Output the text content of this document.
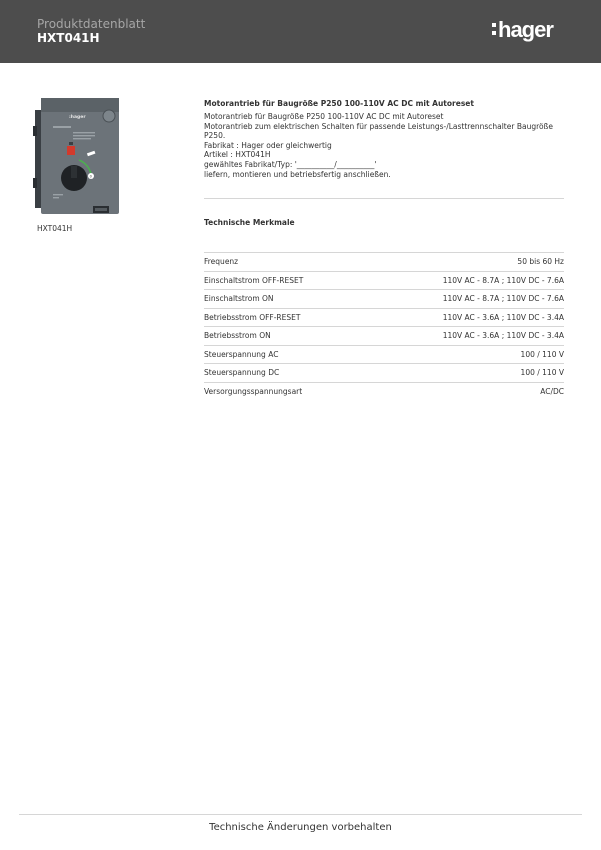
Produktdatenblatt
HXT041H	hager
:hager
0
HXT041H
Motorantrieb für Baugröße P250 100-110V AC DC mit Autoreset
Motorantrieb für Baugröße P250 100-110V AC DC mit Autoreset
Motorantrieb zum elektrischen Schalten für passende Leistungs-/Lasttrennschalter Baugröße
P250.
Fabrikat : Hager oder gleichwertig
Artikel : HXT041H
gewähltes Fabrikat/Typ: '__________/__________'
liefern, montieren und betriebsfertig anschließen.
Technische Merkmale
Frequenz	50 bis 60 Hz
Einschaltstrom OFF-RESET	110V AC - 8.7A ; 110V DC - 7.6A
Einschaltstrom ON	110V AC - 8.7A ; 110V DC - 7.6A
Betriebsstrom OFF-RESET	110V AC - 3.6A ; 110V DC - 3.4A
Betriebsstrom ON	110V AC - 3.6A ; 110V DC - 3.4A
Steuerspannung AC	100 / 110 V
Steuerspannung DC	100 / 110 V
Versorgungsspannungsart	AC/DC
Technische Änderungen vorbehalten
